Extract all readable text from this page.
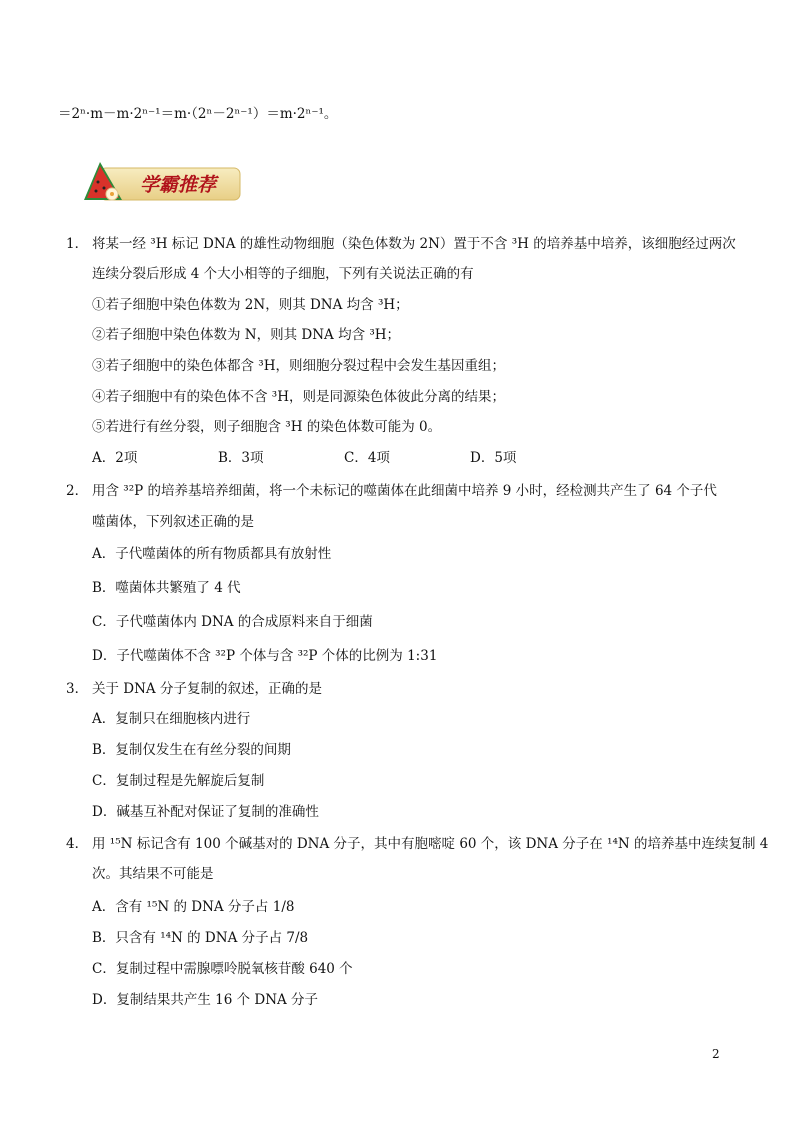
＝2ⁿ·m－m·2ⁿ⁻¹＝m·（2ⁿ－2ⁿ⁻¹）＝m·2ⁿ⁻¹。
学霸推荐
1． 将某一经 ³H 标记 DNA 的雄性动物细胞（染色体数为 2N）置于不含 ³H 的培养基中培养，该细胞经过两次
连续分裂后形成 4 个大小相等的子细胞，下列有关说法正确的有
①若子细胞中染色体数为 2N，则其 DNA 均含 ³H；
②若子细胞中染色体数为 N，则其 DNA 均含 ³H；
③若子细胞中的染色体都含 ³H，则细胞分裂过程中会发生基因重组；
④若子细胞中有的染色体不含 ³H，则是同源染色体彼此分离的结果；
⑤若进行有丝分裂，则子细胞含 ³H 的染色体数可能为 0。
A．2项	B．3项	C．4项	D．5项
2． 用含 ³²P 的培养基培养细菌，将一个未标记的噬菌体在此细菌中培养 9 小时，经检测共产生了 64 个子代
噬菌体，下列叙述正确的是
A．子代噬菌体的所有物质都具有放射性
B．噬菌体共繁殖了 4 代
C．子代噬菌体内 DNA 的合成原料来自于细菌
D．子代噬菌体不含 ³²P 个体与含 ³²P 个体的比例为 1:31
3． 关于 DNA 分子复制的叙述，正确的是
A．复制只在细胞核内进行
B．复制仅发生在有丝分裂的间期
C．复制过程是先解旋后复制
D．碱基互补配对保证了复制的准确性
4． 用 ¹⁵N 标记含有 100 个碱基对的 DNA 分子，其中有胞嘧啶 60 个，该 DNA 分子在 ¹⁴N 的培养基中连续复制 4
次。其结果不可能是
A．含有 ¹⁵N 的 DNA 分子占 1/8
B．只含有 ¹⁴N 的 DNA 分子占 7/8
C．复制过程中需腺嘌呤脱氧核苷酸 640 个
D．复制结果共产生 16 个 DNA 分子
2
